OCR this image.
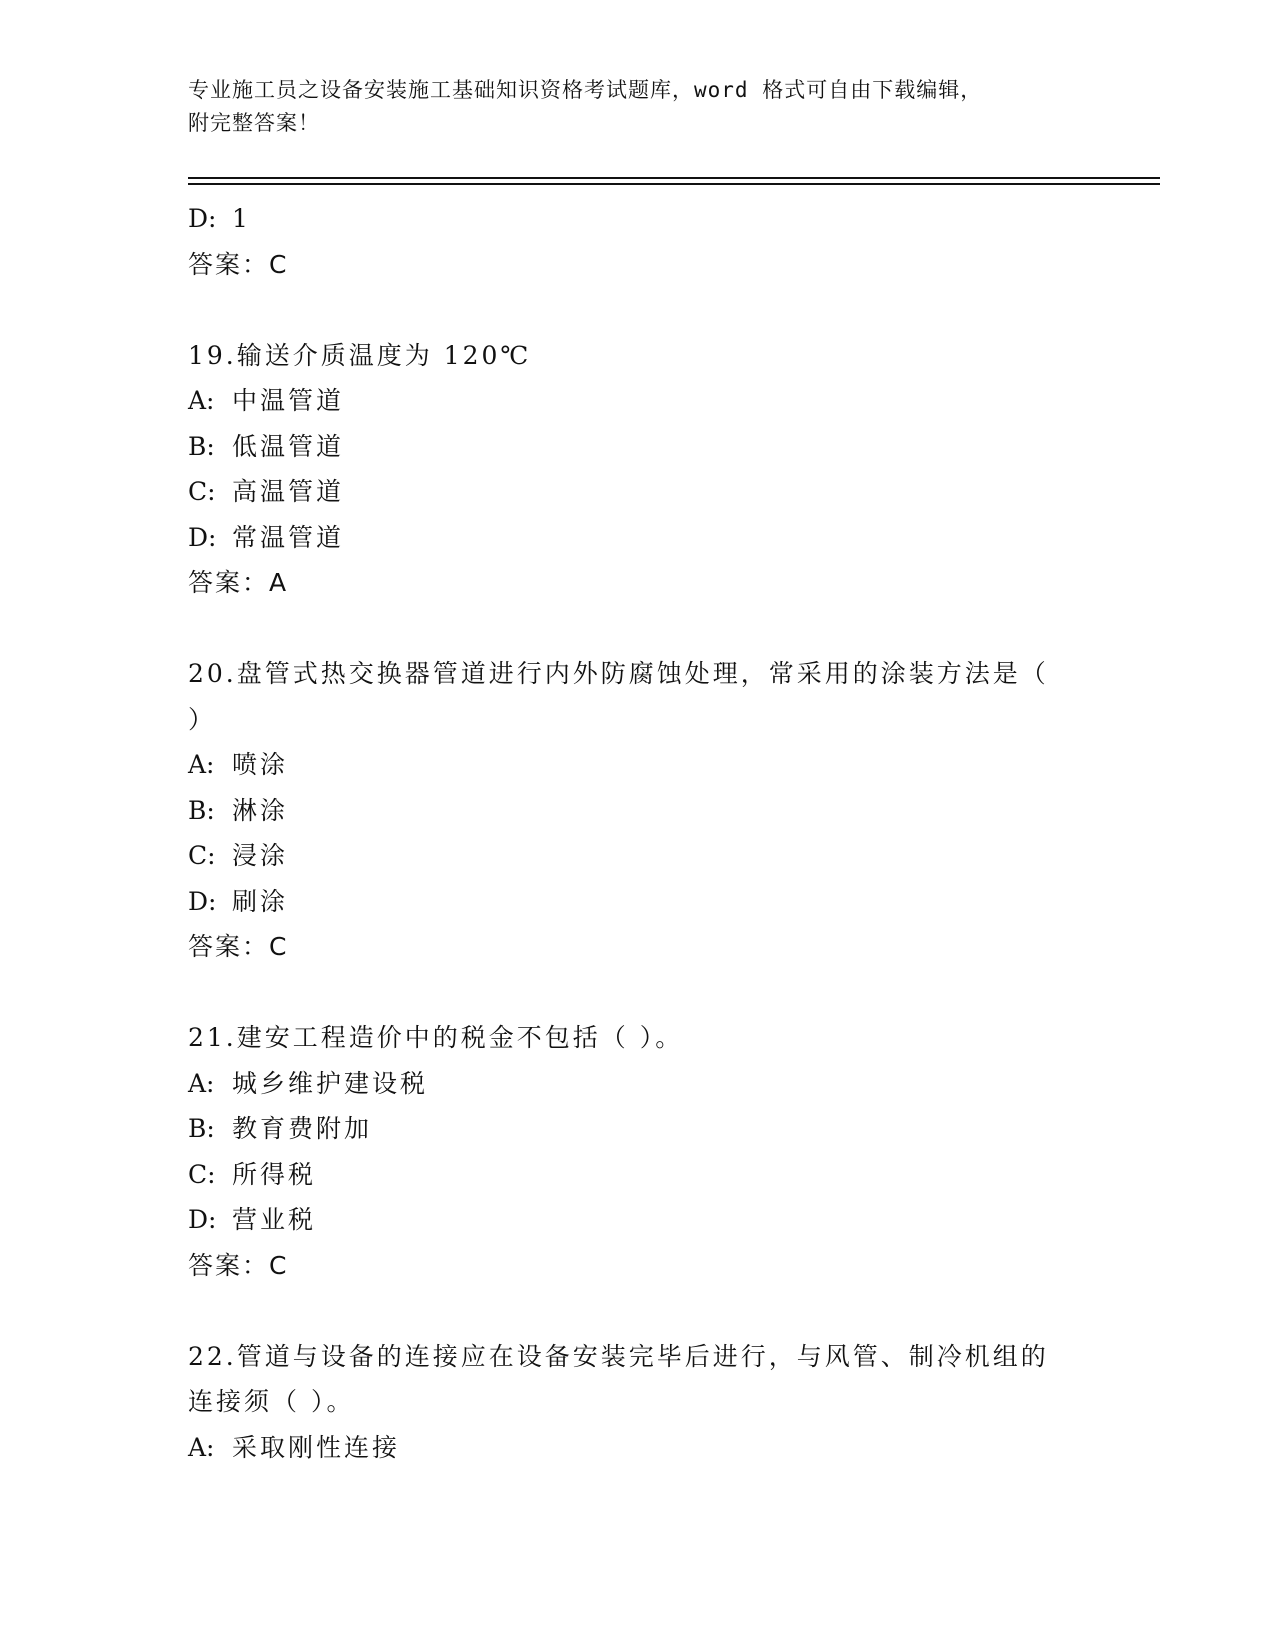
专业施工员之设备安装施工基础知识资格考试题库，word 格式可自由下载编辑，
附完整答案！
D: 1
答案：C
19.输送介质温度为 120℃
A: 中温管道
B: 低温管道
C: 高温管道
D: 常温管道
答案：A
20.盘管式热交换器管道进行内外防腐蚀处理，常采用的涂装方法是（
）
A: 喷涂
B: 淋涂
C: 浸涂
D: 刷涂
答案：C
21.建安工程造价中的税金不包括（ ）。
A: 城乡维护建设税
B: 教育费附加
C: 所得税
D: 营业税
答案：C
22.管道与设备的连接应在设备安装完毕后进行，与风管、制冷机组的
连接须（ ）。
A: 采取刚性连接
